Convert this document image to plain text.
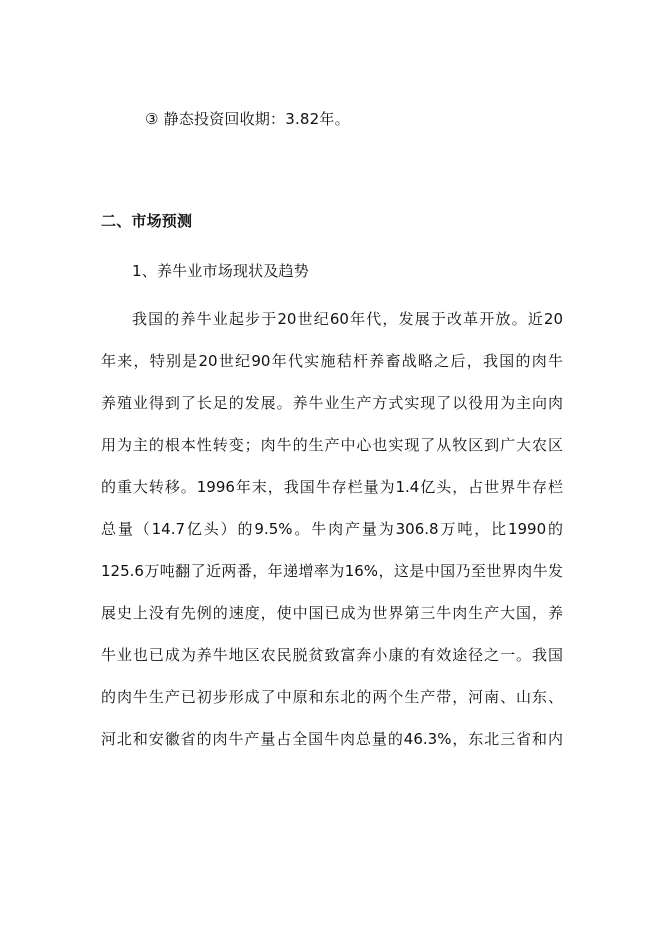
③ 静态投资回收期：3.82年。
二、市场预测
1、养牛业市场现状及趋势
我国的养牛业起步于20世纪60年代，发展于改革开放。近20
年来，特别是20世纪90年代实施秸杆养畜战略之后，我国的肉牛
养殖业得到了长足的发展。养牛业生产方式实现了以役用为主向肉
用为主的根本性转变；肉牛的生产中心也实现了从牧区到广大农区
的重大转移。1996年末，我国牛存栏量为1.4亿头，占世界牛存栏
总量（14.7亿头）的9.5%。牛肉产量为306.8万吨，比1990的
125.6万吨翻了近两番，年递增率为16%，这是中国乃至世界肉牛发
展史上没有先例的速度，使中国已成为世界第三牛肉生产大国，养
牛业也已成为养牛地区农民脱贫致富奔小康的有效途径之一。我国
的肉牛生产已初步形成了中原和东北的两个生产带，河南、山东、
河北和安徽省的肉牛产量占全国牛肉总量的46.3%，东北三省和内
